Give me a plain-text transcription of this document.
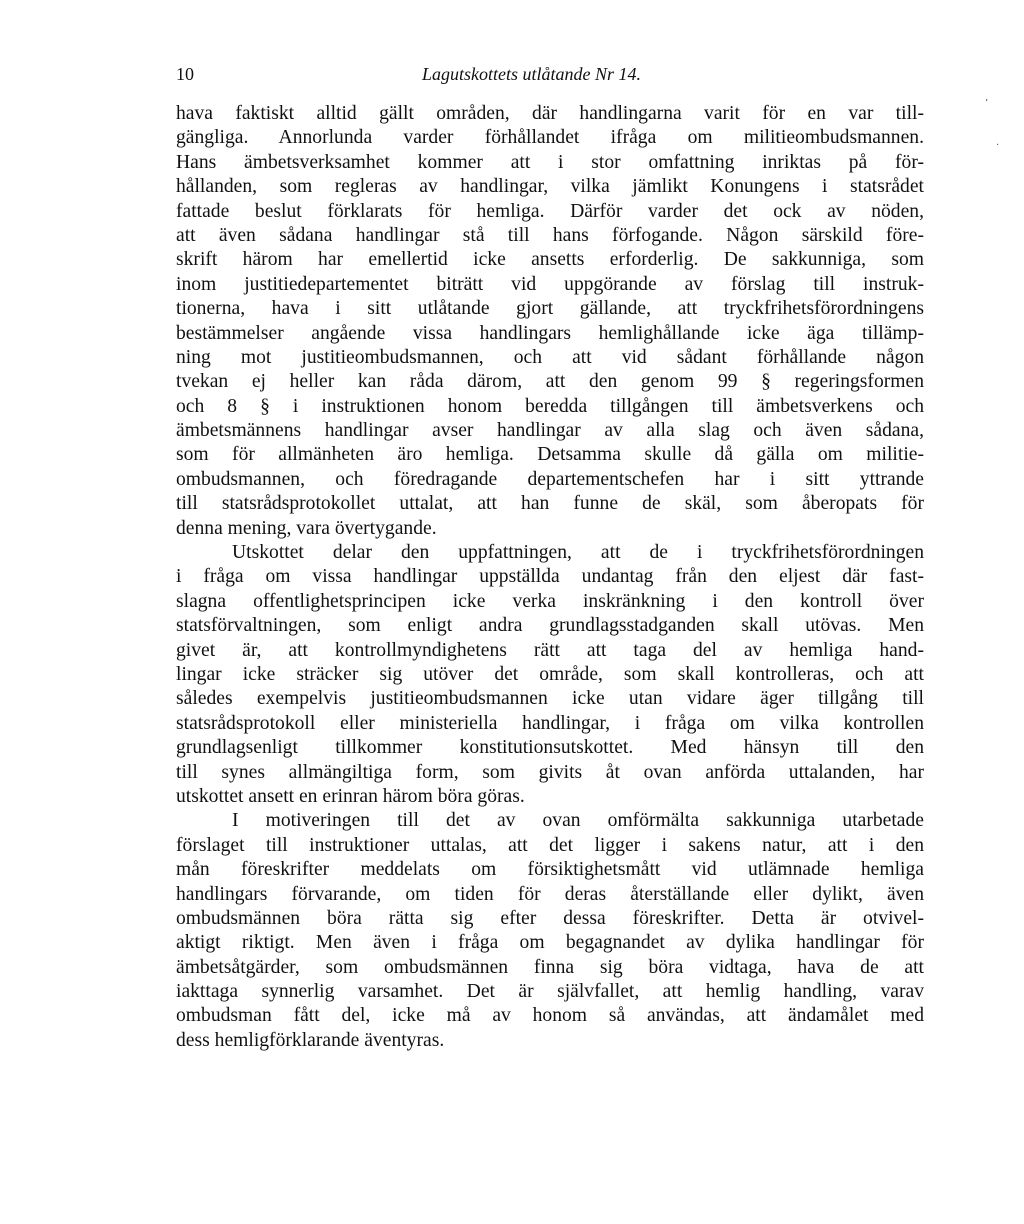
10	Lagutskottets utlåtande Nr 14.
hava faktiskt alltid gällt områden, där handlingarna varit för en var till-
gängliga. Annorlunda varder förhållandet ifråga om militieombudsmannen.
Hans ämbetsverksamhet kommer att i stor omfattning inriktas på för-
hållanden, som regleras av handlingar, vilka jämlikt Konungens i statsrådet
fattade beslut förklarats för hemliga. Därför varder det ock av nöden,
att även sådana handlingar stå till hans förfogande. Någon särskild före-
skrift härom har emellertid icke ansetts erforderlig. De sakkunniga, som
inom justitiedepartementet biträtt vid uppgörande av förslag till instruk-
tionerna, hava i sitt utlåtande gjort gällande, att tryckfrihetsförordningens
bestämmelser angående vissa handlingars hemlighållande icke äga tillämp-
ning mot justitieombudsmannen, och att vid sådant förhållande någon
tvekan ej heller kan råda därom, att den genom 99 § regeringsformen
och 8 § i instruktionen honom beredda tillgången till ämbetsverkens och
ämbetsmännens handlingar avser handlingar av alla slag och även sådana,
som för allmänheten äro hemliga. Detsamma skulle då gälla om militie-
ombudsmannen, och föredragande departementschefen har i sitt yttrande
till statsrådsprotokollet uttalat, att han funne de skäl, som åberopats för
denna mening, vara övertygande.
Utskottet delar den uppfattningen, att de i tryckfrihetsförordningen
i fråga om vissa handlingar uppställda undantag från den eljest där fast-
slagna offentlighetsprincipen icke verka inskränkning i den kontroll över
statsförvaltningen, som enligt andra grundlagsstadganden skall utövas. Men
givet är, att kontrollmyndighetens rätt att taga del av hemliga hand-
lingar icke sträcker sig utöver det område, som skall kontrolleras, och att
således exempelvis justitieombudsmannen icke utan vidare äger tillgång till
statsrådsprotokoll eller ministeriella handlingar, i fråga om vilka kontrollen
grundlagsenligt tillkommer konstitutionsutskottet. Med hänsyn till den
till synes allmängiltiga form, som givits åt ovan anförda uttalanden, har
utskottet ansett en erinran härom böra göras.
I motiveringen till det av ovan omförmälta sakkunniga utarbetade
förslaget till instruktioner uttalas, att det ligger i sakens natur, att i den
mån föreskrifter meddelats om försiktighetsmått vid utlämnade hemliga
handlingars förvarande, om tiden för deras återställande eller dylikt, även
ombudsmännen böra rätta sig efter dessa föreskrifter. Detta är otvivel-
aktigt riktigt. Men även i fråga om begagnandet av dylika handlingar för
ämbetsåtgärder, som ombudsmännen finna sig böra vidtaga, hava de att
iakttaga synnerlig varsamhet. Det är självfallet, att hemlig handling, varav
ombudsman fått del, icke må av honom så användas, att ändamålet med
dess hemligförklarande äventyras.
’
·
